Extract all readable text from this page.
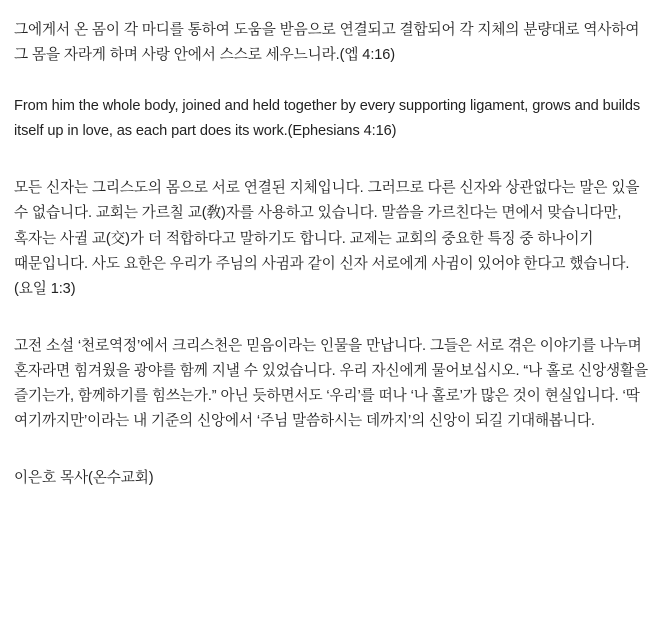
그에게서 온 몸이 각 마디를 통하여 도움을 받음으로 연결되고 결합되어 각 지체의 분량대로 역사하여 그 몸을 자라게 하며 사랑 안에서 스스로 세우느니라.(엡 4:16)

From him the whole body, joined and held together by every supporting ligament, grows and builds itself up in love, as each part does its work.(Ephesians 4:16)

모든 신자는 그리스도의 몸으로 서로 연결된 지체입니다. 그러므로 다른 신자와 상관없다는 말은 있을 수 없습니다. 교회는 가르칠 교(敎)자를 사용하고 있습니다. 말씀을 가르친다는 면에서 맞습니다만, 혹자는 사귈 교(交)가 더 적합하다고 말하기도 합니다. 교제는 교회의 중요한 특징 중 하나이기 때문입니다. 사도 요한은 우리가 주님의 사귐과 같이 신자 서로에게 사귐이 있어야 한다고 했습니다.(요일 1:3)

고전 소설 ‘천로역정’에서 크리스천은 믿음이라는 인물을 만납니다. 그들은 서로 겪은 이야기를 나누며 혼자라면 힘겨웠을 광야를 함께 지낼 수 있었습니다. 우리 자신에게 물어보십시오. “나 홀로 신앙생활을 즐기는가, 함께하기를 힘쓰는가.” 아닌 듯하면서도 ‘우리’를 떠나 ‘나 홀로’가 많은 것이 현실입니다. ‘딱 여기까지만’이라는 내 기준의 신앙에서 ‘주님 말씀하시는 데까지’의 신앙이 되길 기대해봅니다.

이은호 목사(온수교회)
